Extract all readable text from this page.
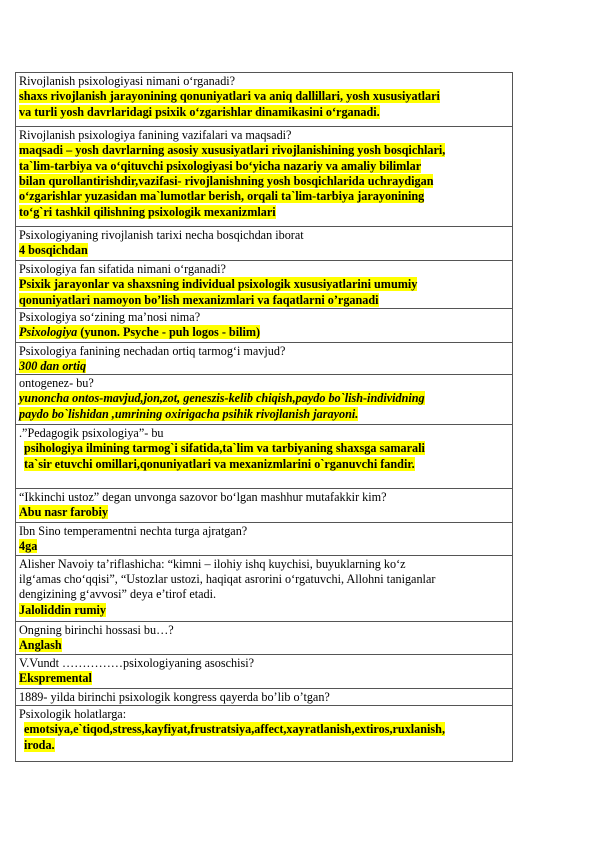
Rivojlanish psixologiyasi nimani o‘rganadi?
shaxs rivojlanish jarayonining qonuniyatlari va aniq dallillari, yosh xususiyatlari
va turli yosh davrlaridagi psixik o‘zgarishlar dinamikasini o‘rganadi.
Rivojlanish psixologiya fanining vazifalari va maqsadi?
maqsadi – yosh davrlarning asosiy xususiyatlari rivojlanishining yosh bosqichlari,
ta`lim-tarbiya va o‘qituvchi psixologiyasi bo‘yicha nazariy va amaliy bilimlar
bilan qurollantirishdir,vazifasi- rivojlanishning yosh bosqichlarida uchraydigan
o‘zgarishlar yuzasidan ma`lumotlar berish, orqali ta`lim-tarbiya jarayonining
to‘g`ri tashkil qilishning psixologik mexanizmlari
Psixologiyaning rivojlanish tarixi necha bosqichdan iborat
4 bosqichdan
Psixologiya fan sifatida nimani o‘rganadi?
Psixik jarayonlar va shaxsning individual psixologik xususiyatlarini umumiy
qonuniyatlari namoyon bo’lish mexanizmlari va faqatlarni o’rganadi
Psixologiya so‘zining ma’nosi nima?
Psixologiya (yunon. Psyche - puh logos - bilim)
Psixologiya fanining nechadan ortiq tarmog‘i mavjud?
300 dan ortiq
ontogenez- bu?
yunoncha ontos-mavjud,jon,zot, geneszis-kelib chiqish,paydo bo`lish-individning
paydo bo`lishidan ,umrining oxirigacha psihik rivojlanish jarayoni.
.”Pedagogik psixologiya”- bu
psihologiya ilmining tarmog`i sifatida,ta`lim va tarbiyaning shaxsga samarali
ta`sir etuvchi omillari,qonuniyatlari va mexanizmlarini o`rganuvchi fandir.
“Ikkinchi ustoz” degan unvonga sazovor bo‘lgan mashhur mutafakkir kim?
Abu nasr farobiy
Ibn Sino temperamentni nechta turga ajratgan?
4ga
Alisher Navoiy ta’riflashicha: “kimni – ilohiy ishq kuychisi, buyuklarning ko‘z
ilg‘amas cho‘qqisi”, “Ustozlar ustozi, haqiqat asrorini o‘rgatuvchi, Allohni taniganlar
dengizining g‘avvosi” deya e’tirof etadi.
Jaloliddin rumiy
Ongning birinchi hossasi bu…?
Anglash
V.Vundt ……………psixologiyaning asoschisi?
Ekspremental
1889- yilda birinchi psixologik kongress qayerda bo’lib o’tgan?
Psixologik holatlarga:
emotsiya,e`tiqod,stress,kayfiyat,frustratsiya,affect,xayratlanish,extiros,ruxlanish,
iroda.
